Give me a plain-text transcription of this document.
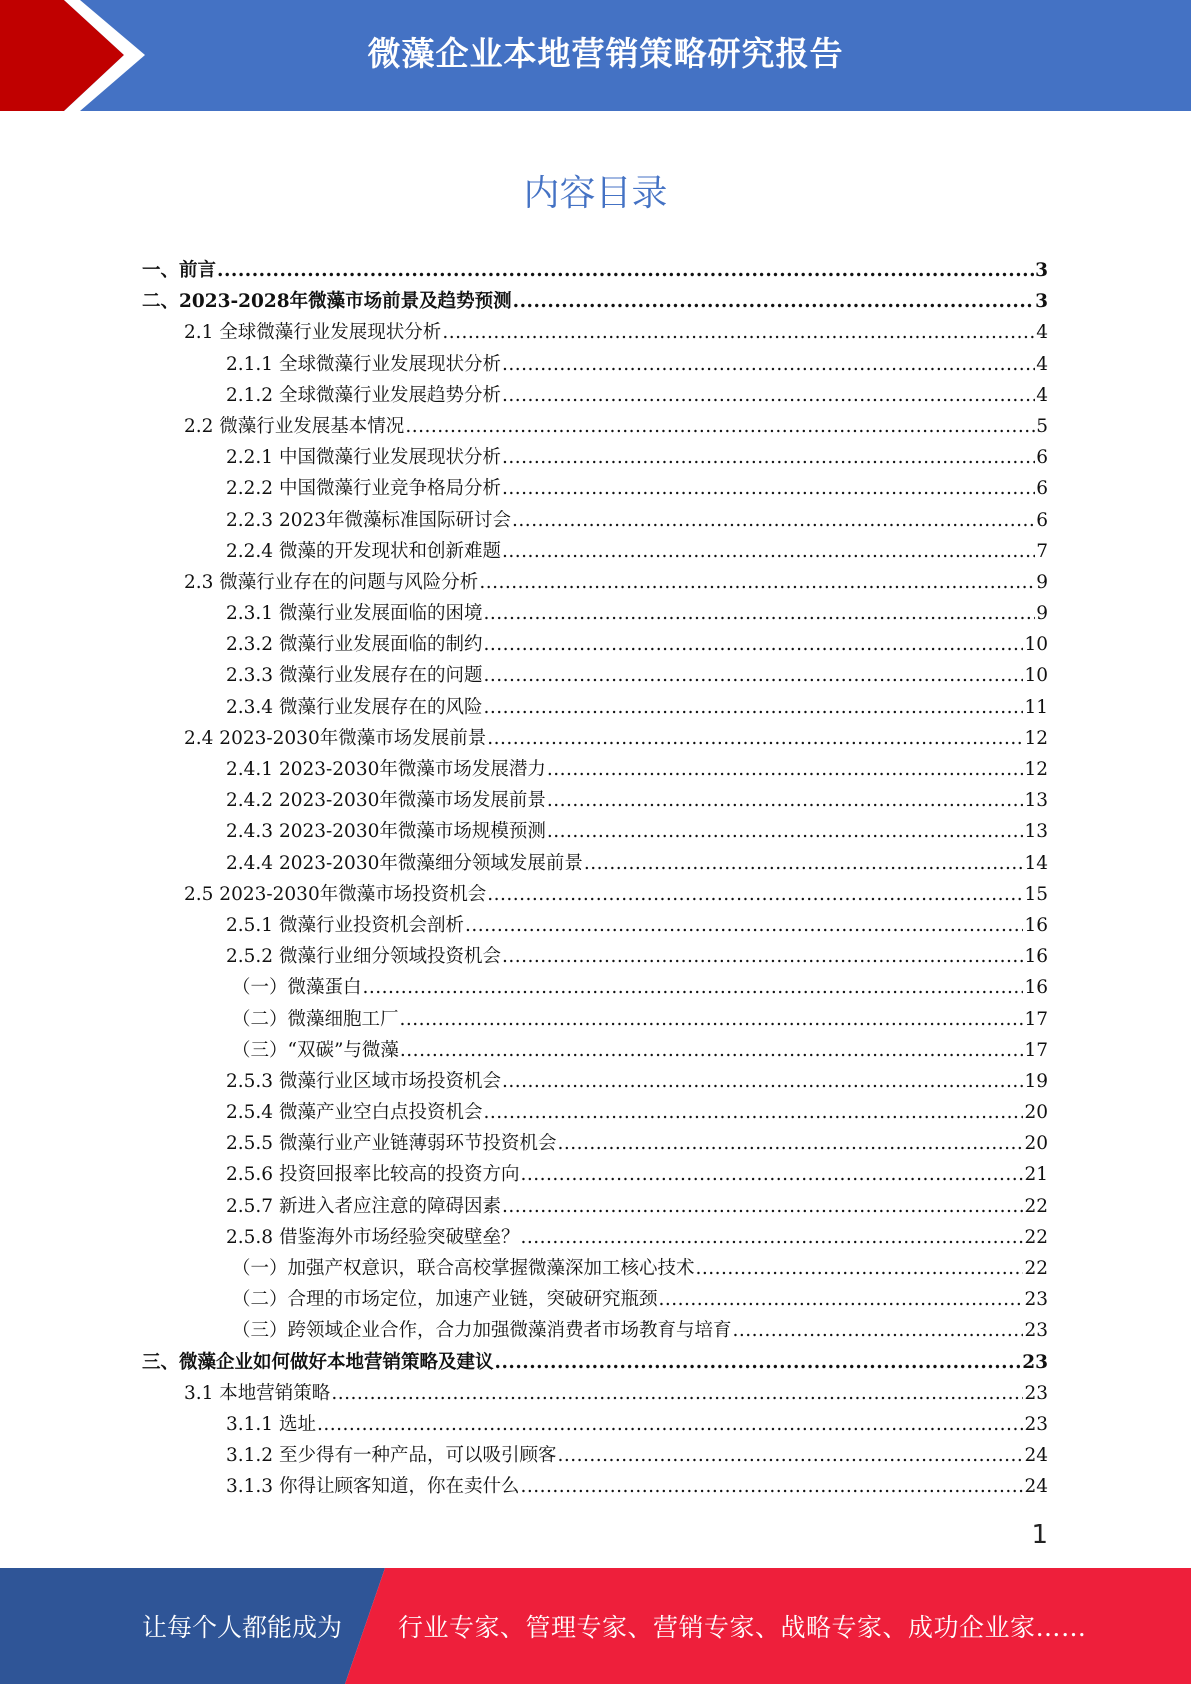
微藻企业本地营销策略研究报告
内容目录
一、前言 .....	3
二、2023-2028年微藻市场前景及趋势预测 .....	3
2.1 全球微藻行业发展现状分析 .....	4
2.1.1 全球微藻行业发展现状分析 .....	4
2.1.2 全球微藻行业发展趋势分析 .....	4
2.2 微藻行业发展基本情况 .....	5
2.2.1 中国微藻行业发展现状分析 .....	6
2.2.2 中国微藻行业竞争格局分析 .....	6
2.2.3 2023年微藻标准国际研讨会 .....	6
2.2.4 微藻的开发现状和创新难题 .....	7
2.3 微藻行业存在的问题与风险分析 .....	9
2.3.1 微藻行业发展面临的困境 .....	9
2.3.2 微藻行业发展面临的制约 .....	10
2.3.3 微藻行业发展存在的问题 .....	10
2.3.4 微藻行业发展存在的风险 .....	11
2.4 2023-2030年微藻市场发展前景 .....	12
2.4.1 2023-2030年微藻市场发展潜力 .....	12
2.4.2 2023-2030年微藻市场发展前景 .....	13
2.4.3 2023-2030年微藻市场规模预测 .....	13
2.4.4 2023-2030年微藻细分领域发展前景 .....	14
2.5 2023-2030年微藻市场投资机会 .....	15
2.5.1 微藻行业投资机会剖析 .....	16
2.5.2 微藻行业细分领域投资机会 .....	16
（一）微藻蛋白 .....	16
（二）微藻细胞工厂 .....	17
（三）“双碳”与微藻 .....	17
2.5.3 微藻行业区域市场投资机会 .....	19
2.5.4 微藻产业空白点投资机会 .....	20
2.5.5 微藻行业产业链薄弱环节投资机会 .....	20
2.5.6 投资回报率比较高的投资方向 .....	21
2.5.7 新进入者应注意的障碍因素 .....	22
2.5.8 借鉴海外市场经验突破壁垒？ .....	22
（一）加强产权意识，联合高校掌握微藻深加工核心技术 .....	22
（二）合理的市场定位，加速产业链，突破研究瓶颈 .....	23
（三）跨领域企业合作，合力加强微藻消费者市场教育与培育 .....	23
三、微藻企业如何做好本地营销策略及建议 .....	23
3.1 本地营销策略 .....	23
3.1.1 选址 .....	23
3.1.2 至少得有一种产品，可以吸引顾客 .....	24
3.1.3 你得让顾客知道，你在卖什么 .....	24
1
让每个人都能成为 行业专家、管理专家、营销专家、战略专家、成功企业家……
